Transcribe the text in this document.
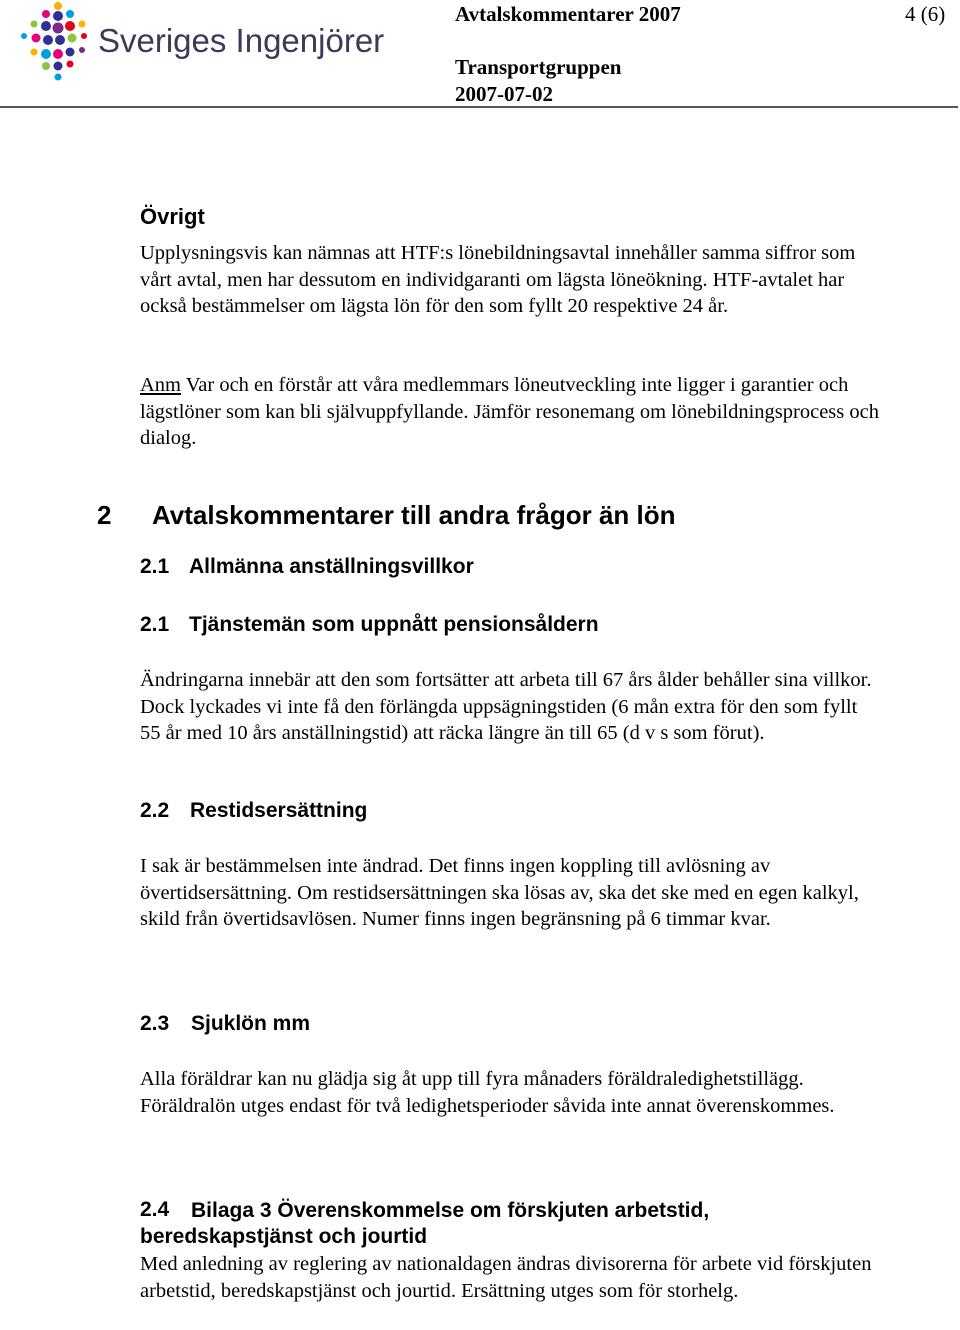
Sveriges Ingenjörer
Avtalskommentarer 2007	4 (6)
Transportgruppen
2007-07-02
Övrigt
Upplysningsvis kan nämnas att HTF:s lönebildningsavtal innehåller samma siffror som vårt avtal, men har dessutom en individgaranti om lägsta löneökning. HTF-avtalet har också bestämmelser om lägsta lön för den som fyllt 20 respektive 24 år.
Anm Var och en förstår att våra medlemmars löneutveckling inte ligger i garantier och lägstlöner som kan bli självuppfyllande. Jämför resonemang om lönebildningsprocess och dialog.
2 Avtalskommentarer till andra frågor än lön
2.1 Allmänna anställningsvillkor
2.1 Tjänstemän som uppnått pensionsåldern
Ändringarna innebär att den som fortsätter att arbeta till 67 års ålder behåller sina villkor. Dock lyckades vi inte få den förlängda uppsägningstiden (6 mån extra för den som fyllt 55 år med 10 års anställningstid) att räcka längre än till 65 (d v s som förut).
2.2 Restidsersättning
I sak är bestämmelsen inte ändrad. Det finns ingen koppling till avlösning av övertidsersättning. Om restidsersättningen ska lösas av, ska det ske med en egen kalkyl, skild från övertidsavlösen. Numer finns ingen begränsning på 6 timmar kvar.
2.3 Sjuklön mm
Alla föräldrar kan nu glädja sig åt upp till fyra månaders föräldraledighetstillägg. Föräldralön utges endast för två ledighetsperioder såvida inte annat överenskommes.
2.4	Bilaga 3 Överenskommelse om förskjuten arbetstid, beredskapstjänst och jourtid
Med anledning av reglering av nationaldagen ändras divisorerna för arbete vid förskjuten arbetstid, beredskapstjänst och jourtid. Ersättning utges som för storhelg.
